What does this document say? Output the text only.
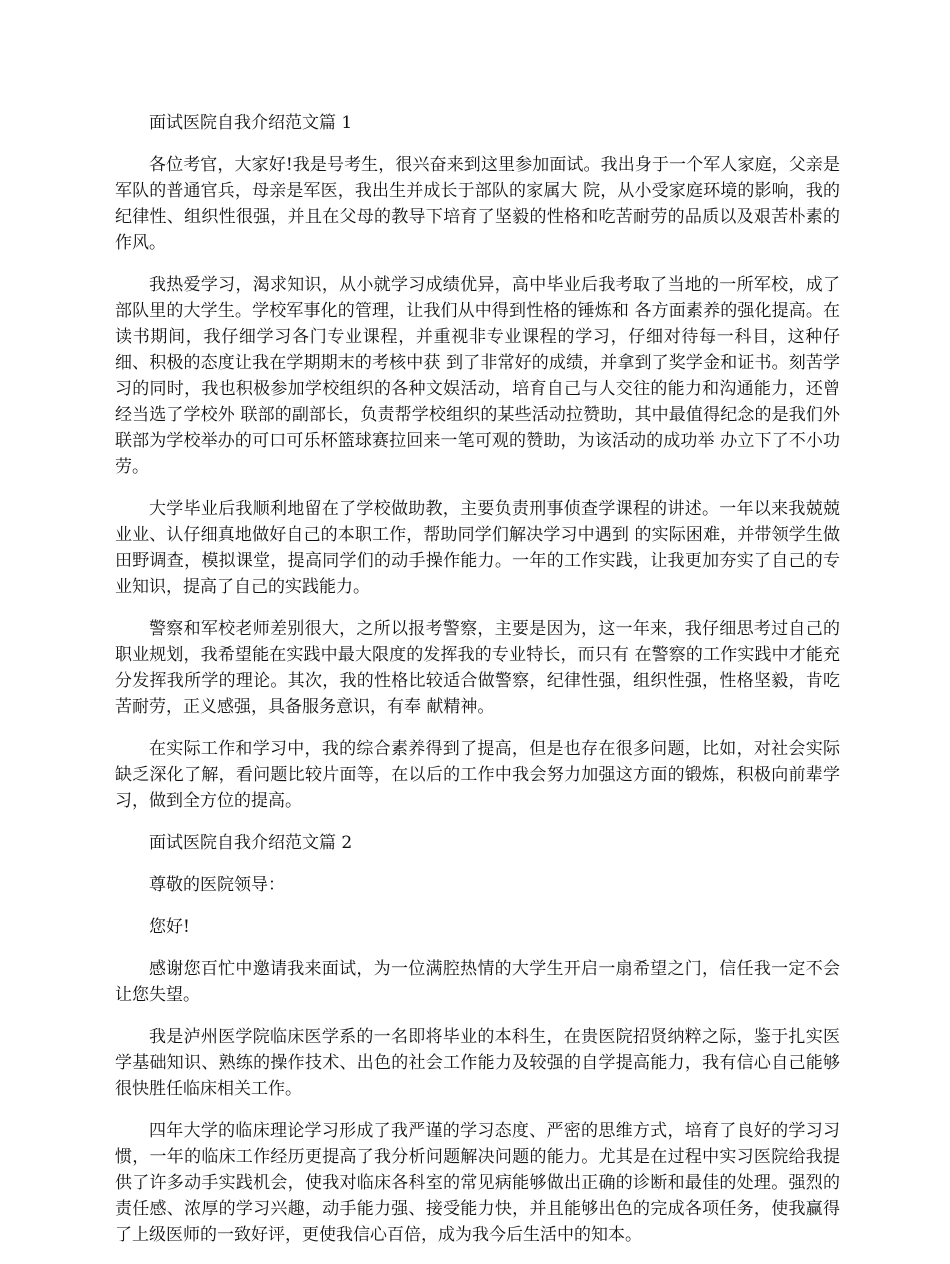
面试医院自我介绍范文篇 1

各位考官，大家好!我是号考生，很兴奋来到这里参加面试。我出身于一个军人家庭，父亲是军队的普通官兵，母亲是军医，我出生并成长于部队的家属大 院，从小受家庭环境的影响，我的纪律性、组织性很强，并且在父母的教导下培育了坚毅的性格和吃苦耐劳的品质以及艰苦朴素的作风。

我热爱学习，渴求知识，从小就学习成绩优异，高中毕业后我考取了当地的一所军校，成了部队里的大学生。学校军事化的管理，让我们从中得到性格的锤炼和 各方面素养的强化提高。在读书期间，我仔细学习各门专业课程，并重视非专业课程的学习，仔细对待每一科目，这种仔细、积极的态度让我在学期期末的考核中获 到了非常好的成绩，并拿到了奖学金和证书。刻苦学习的同时，我也积极参加学校组织的各种文娱活动，培育自己与人交往的能力和沟通能力，还曾经当选了学校外 联部的副部长，负责帮学校组织的某些活动拉赞助，其中最值得纪念的是我们外联部为学校举办的可口可乐杯篮球赛拉回来一笔可观的赞助，为该活动的成功举 办立下了不小功劳。

大学毕业后我顺利地留在了学校做助教，主要负责刑事侦查学课程的讲述。一年以来我兢兢业业、认仔细真地做好自己的本职工作，帮助同学们解决学习中遇到 的实际困难，并带领学生做田野调查，模拟课堂，提高同学们的动手操作能力。一年的工作实践，让我更加夯实了自己的专业知识，提高了自己的实践能力。

警察和军校老师差别很大，之所以报考警察，主要是因为，这一年来，我仔细思考过自己的职业规划，我希望能在实践中最大限度的发挥我的专业特长，而只有 在警察的工作实践中才能充分发挥我所学的理论。其次，我的性格比较适合做警察，纪律性强，组织性强，性格坚毅，肯吃苦耐劳，正义感强，具备服务意识，有奉 献精神。

在实际工作和学习中，我的综合素养得到了提高，但是也存在很多问题，比如，对社会实际缺乏深化了解，看问题比较片面等，在以后的工作中我会努力加强这方面的锻炼，积极向前辈学习，做到全方位的提高。

面试医院自我介绍范文篇 2

尊敬的医院领导：

您好!

感谢您百忙中邀请我来面试，为一位满腔热情的大学生开启一扇希望之门，信任我一定不会让您失望。

我是泸州医学院临床医学系的一名即将毕业的本科生，在贵医院招贤纳粹之际，鉴于扎实医学基础知识、熟练的操作技术、出色的社会工作能力及较强的自学提高能力，我有信心自己能够很快胜任临床相关工作。

四年大学的临床理论学习形成了我严谨的学习态度、严密的思维方式，培育了良好的学习习惯，一年的临床工作经历更提高了我分析问题解决问题的能力。尤其是在过程中实习医院给我提供了许多动手实践机会，使我对临床各科室的常见病能够做出正确的诊断和最佳的处理。强烈的责任感、浓厚的学习兴趣，动手能力强、接受能力快，并且能够出色的完成各项任务，使我赢得了上级医师的一致好评，更使我信心百倍，成为我今后生活中的知本。
